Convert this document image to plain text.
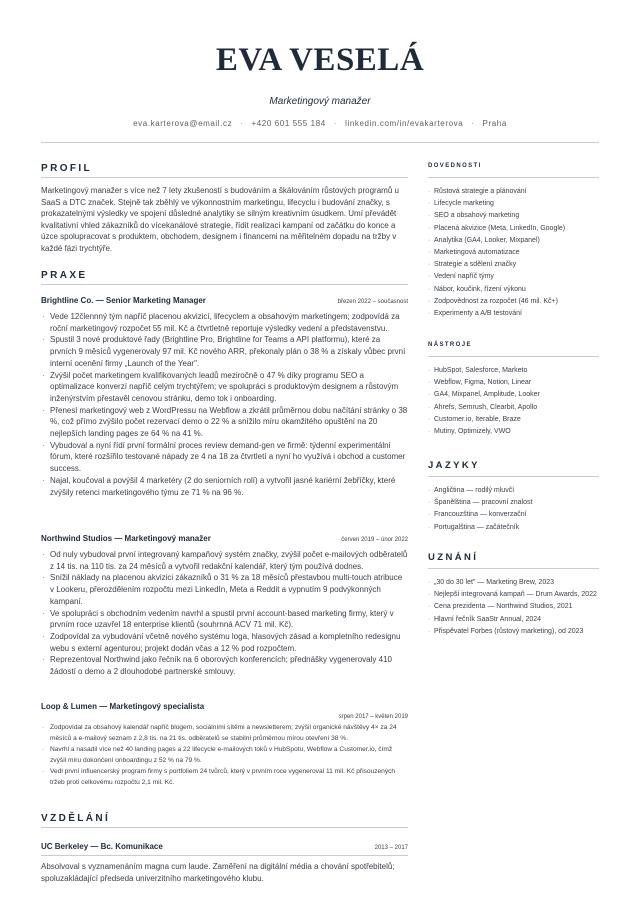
EVA VESELÁ
Marketingový manažer
eva.karterova@email.cz · +420 601 555 184 · linkedin.com/in/evakarterova · Praha
PROFIL
Marketingový manažer s více než 7 lety zkušeností s budováním a škálováním růstových programů u SaaS a DTC značek. Stejně tak zběhlý ve výkonnostním marketingu, lifecyclu i budování značky, s prokazatelnými výsledky ve spojení důsledné analytiky se silným kreativním úsudkem. Umí převádět kvalitativní vhled zákazníků do vícekanálové strategie, řídit realizaci kampaní od začátku do konce a úzce spolupracovat s produktem, obchodem, designem i financemi na měřitelném dopadu na tržby v každé fázi trychtýře.
PRAXE
Brightline Co. — Senior Marketing Manager	březen 2022 – současnost
· Vede 12člennný tým napříč placenou akvizicí, lifecyclem a obsahovým marketingem; zodpovídá za roční marketingový rozpočet 55 mil. Kč a čtvrtletně reportuje výsledky vedení a představenstvu.
· Spustil 3 nové produktové řady (Brightline Pro, Brightline for Teams a API platformu), které za prvních 9 měsíců vygenerovaly 97 mil. Kč nového ARR, překonaly plán o 38 % a získaly vůbec první interní ocenění firmy „Launch of the Year".
· Zvýšil počet marketingem kvalifikovaných leadů meziročně o 47 % díky programu SEO a optimalizace konverzí napříč celým trychtýřem; ve spolupráci s produktovým designem a růstovým inženýrstvím přestavěl cenovou stránku, demo tok i onboarding.
· Přenesl marketingový web z WordPressu na Webflow a zkrátil průměrnou dobu načítání stránky o 38 %, což přímo zvýšilo počet rezervací demo o 22 % a snížilo míru okamžitého opuštění na 20 nejlepších landing pages ze 64 % na 41 %.
· Vybudoval a nyní řídí první formální proces review demand-gen ve firmě: týdenní experimentální fórum, které rozšířilo testované nápady ze 4 na 18 za čtvrtletí a nyní ho využívá i obchod a customer success.
· Najal, koučoval a povýšil 4 marketéry (2 do seniorních rolí) a vytvořil jasné kariérní žebříčky, které zvýšily retenci marketingového týmu ze 71 % na 96 %.
Northwind Studios — Marketingový manažer	červen 2019 – únor 2022
· Od nuly vybudoval první integrovaný kampaňový systém značky, zvýšil počet e-mailových odběratelů z 14 tis. na 110 tis. za 24 měsíců a vytvořil redakční kalendář, který tým používá dodnes.
· Snížil náklady na placenou akvizici zákazníků o 31 % za 18 měsíců přestavbou multi-touch atribuce v Lookeru, přerozdělením rozpočtu mezi LinkedIn, Meta a Reddit a vypnutím 9 podvýkonných kampaní.
· Ve spolupráci s obchodním vedením navrhl a spustil první account-based marketing firmy, který v prvním roce uzavřel 18 enterprise klientů (souhrnná ACV 71 mil. Kč).
· Zodpovídal za vybudování včetně nového systému loga, hlasových zásad a kompletního redesignu webu s externí agenturou; projekt dodán včas a 12 % pod rozpočtem.
· Reprezentoval Northwind jako řečník na 6 oborových konferencích; přednášky vygenerovaly 410 žádostí o demo a 2 dlouhodobé partnerské smlouvy.
Loop & Lumen — Marketingový specialista
srpen 2017 – květen 2019
· Zodpovídal za obsahový kalendář napříč blogem, sociálními sítěmi a newsletterem; zvýšil organické návštěvy 4× za 24 měsíců a e-mailový seznam z 2,8 tis. na 21 tis. odběratelů se stabilní průměrnou mírou otevření 38 %.
· Navrhl a nasadil více než 40 landing pages a 22 lifecycle e-mailových toků v HubSpotu, Webflow a Customer.io, čímž zvýšil míru dokončení onboardingu z 52 % na 79 %.
· Vedl první influencerský program firmy s portfoliem 24 tvůrců, který v prvním roce vygeneroval 11 mil. Kč přisouzených tržeb proti celkovému rozpočtu 2,1 mil. Kč.
VZDĚLÁNÍ
UC Berkeley — Bc. Komunikace	2013 – 2017
Absolvoval s vyznamenáním magna cum laude. Zaměření na digitální média a chování spotřebitelů; spoluzakládající předseda univerzitního marketingového klubu.
DOVEDNOSTI
· Růstová strategie a plánování
· Lifecycle marketing
· SEO a obsahový marketing
· Placená akvizice (Meta, LinkedIn, Google)
· Analytika (GA4, Looker, Mixpanel)
· Marketingová automatizace
· Strategie a sdělení značky
· Vedení napříč týmy
· Nábor, koučink, řízení výkonu
· Zodpovědnost za rozpočet (46 mil. Kč+)
· Experimenty a A/B testování
NÁSTROJE
· HubSpot, Salesforce, Marketo
· Webflow, Figma, Notion, Linear
· GA4, Mixpanel, Amplitude, Looker
· Ahrefs, Semrush, Clearbit, Apollo
· Customer.io, Iterable, Braze
· Mutiny, Optimizely, VWO
JAZYKY
· Angličtina — rodilý mluvčí
· Španělština — pracovní znalost
· Francouzština — konverzační
· Portugalština — začátečník
UZNÁNÍ
· „30 do 30 let" — Marketing Brew, 2023
· Nejlepší integrovaná kampaň — Drum Awards, 2022
· Cena prezidenta — Northwind Studios, 2021
· Hlavní řečník SaaStr Annual, 2024
· Přispěvatel Forbes (růstový marketing), od 2023
